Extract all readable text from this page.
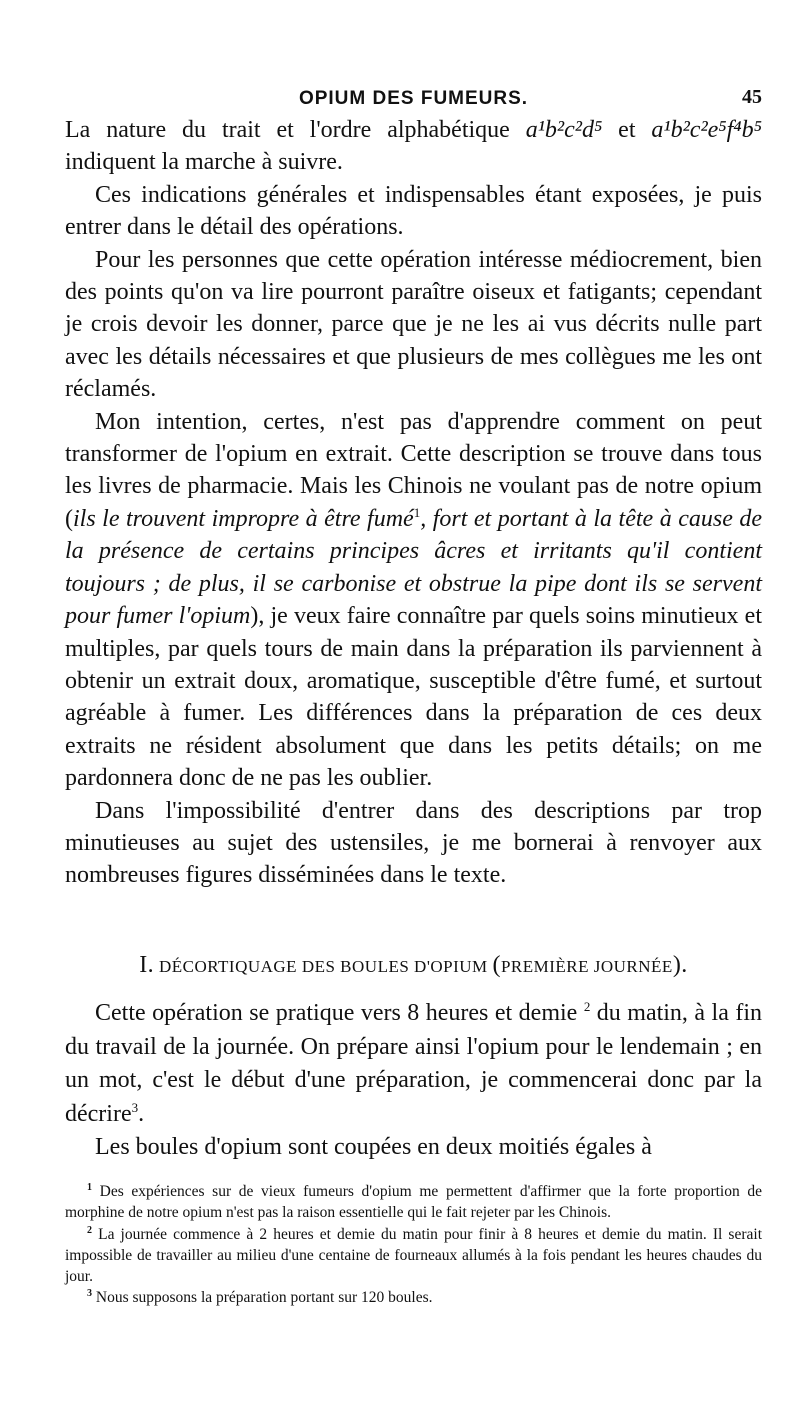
OPIUM DES FUMEURS.	45

La nature du trait et l'ordre alphabétique a¹b²c²d⁵ et a¹b²c²e⁵f⁴b⁵ indiquent la marche à suivre.

Ces indications générales et indispensables étant exposées, je puis entrer dans le détail des opérations.

Pour les personnes que cette opération intéresse médiocrement, bien des points qu'on va lire pourront paraître oiseux et fatigants; cependant je crois devoir les donner, parce que je ne les ai vus décrits nulle part avec les détails nécessaires et que plusieurs de mes collègues me les ont réclamés.

Mon intention, certes, n'est pas d'apprendre comment on peut transformer de l'opium en extrait. Cette description se trouve dans tous les livres de pharmacie. Mais les Chinois ne voulant pas de notre opium (ils le trouvent impropre à être fumé$^1$, fort et portant à la tête à cause de la présence de certains principes âcres et irritants qu'il contient toujours ; de plus, il se carbonise et obstrue la pipe dont ils se servent pour fumer l'opium), je veux faire connaître par quels soins minutieux et multiples, par quels tours de main dans la préparation ils parviennent à obtenir un extrait doux, aromatique, susceptible d'être fumé, et surtout agréable à fumer. Les différences dans la préparation de ces deux extraits ne résident absolument que dans les petits détails; on me pardonnera donc de ne pas les oublier.

Dans l'impossibilité d'entrer dans des descriptions par trop minutieuses au sujet des ustensiles, je me bornerai à renvoyer aux nombreuses figures disséminées dans le texte.

I. DÉCORTIQUAGE DES BOULES D'OPIUM (PREMIÈRE JOURNÉE).

Cette opération se pratique vers 8 heures et demie $^2$ du matin, à la fin du travail de la journée. On prépare ainsi l'opium pour le lendemain ; en un mot, c'est le début d'une préparation, je commencerai donc par la décrire$^3$.

Les boules d'opium sont coupées en deux moitiés égales à

$^1$ Des expériences sur de vieux fumeurs d'opium me permettent d'affirmer que la forte proportion de morphine de notre opium n'est pas la raison essentielle qui le fait rejeter par les Chinois.

$^2$ La journée commence à 2 heures et demie du matin pour finir à 8 heures et demie du matin. Il serait impossible de travailler au milieu d'une centaine de fourneaux allumés à la fois pendant les heures chaudes du jour.

$^3$ Nous supposons la préparation portant sur 120 boules.
